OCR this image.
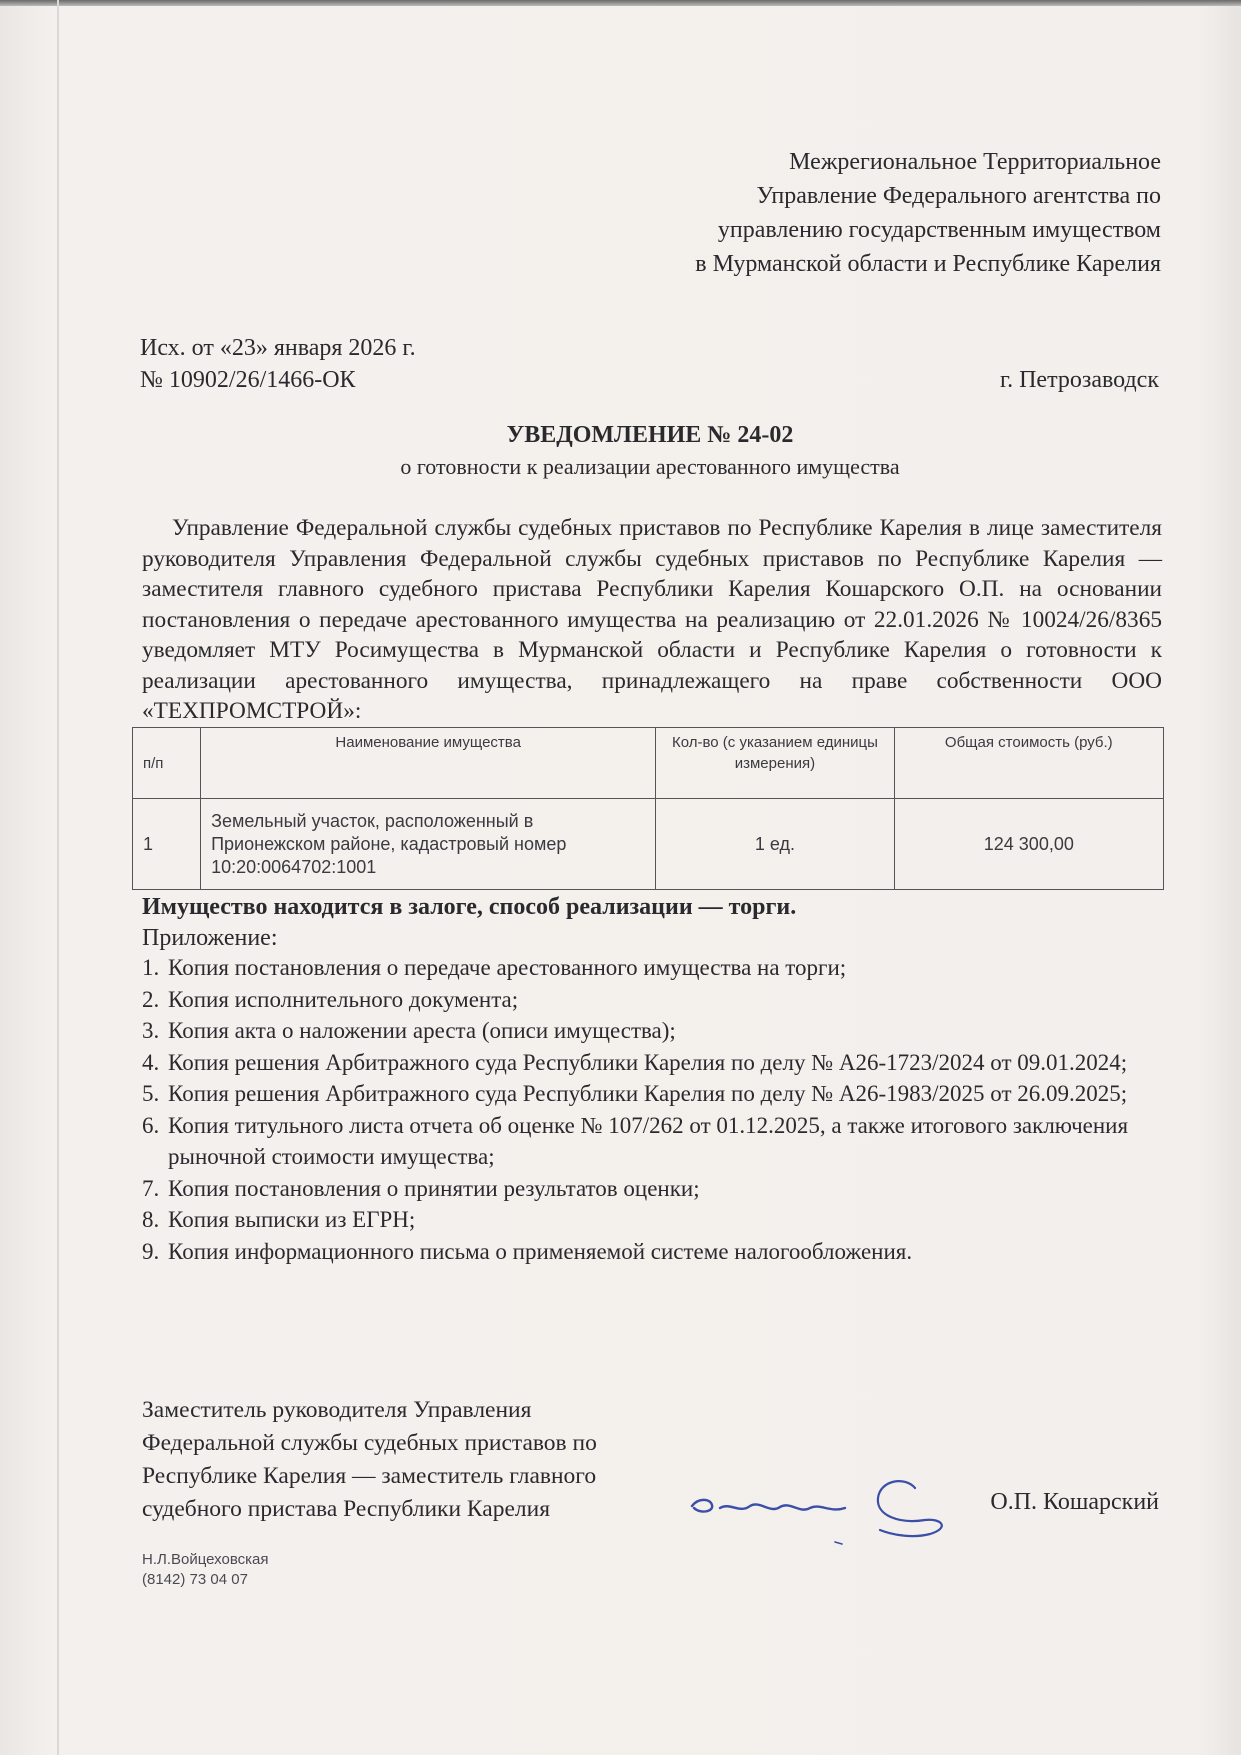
Межрегиональное Территориальное
Управление Федерального агентства по
управлению государственным имуществом
в Мурманской области и Республике Карелия
Исх. от «23» января 2026 г.
№ 10902/26/1466-ОК	г. Петрозаводск
УВЕДОМЛЕНИЕ № 24-02
о готовности к реализации арестованного имущества
Управление Федеральной службы судебных приставов по Республике Карелия в лице заместителя руководителя Управления Федеральной службы судебных приставов по Республике Карелия — заместителя главного судебного пристава Республики Карелия Кошарского О.П. на основании постановления о передаче арестованного имущества на реализацию от 22.01.2026 № 10024/26/8365 уведомляет МТУ Росимущества в Мурманской области и Республике Карелия о готовности к реализации арестованного имущества, принадлежащего на праве собственности ООО «ТЕХПРОМСТРОЙ»:
п/п	Наименование имущества	Кол-во (с указанием единицы измерения)	Общая стоимость (руб.)
1	Земельный участок, расположенный в Прионежском районе, кадастровый номер 10:20:0064702:1001	1 ед.	124 300,00
Имущество находится в залоге, способ реализации — торги.
Приложение:
1. Копия постановления о передаче арестованного имущества на торги;
2. Копия исполнительного документа;
3. Копия акта о наложении ареста (описи имущества);
4. Копия решения Арбитражного суда Республики Карелия по делу № А26-1723/2024 от 09.01.2024;
5. Копия решения Арбитражного суда Республики Карелия по делу № А26-1983/2025 от 26.09.2025;
6. Копия титульного листа отчета об оценке № 107/262 от 01.12.2025, а также итогового заключения рыночной стоимости имущества;
7. Копия постановления о принятии результатов оценки;
8. Копия выписки из ЕГРН;
9. Копия информационного письма о применяемой системе налогообложения.
Заместитель руководителя Управления
Федеральной службы судебных приставов по
Республике Карелия — заместитель главного
судебного пристава Республики Карелия	О.П. Кошарский
Н.Л.Войцеховская
(8142) 73 04 07
